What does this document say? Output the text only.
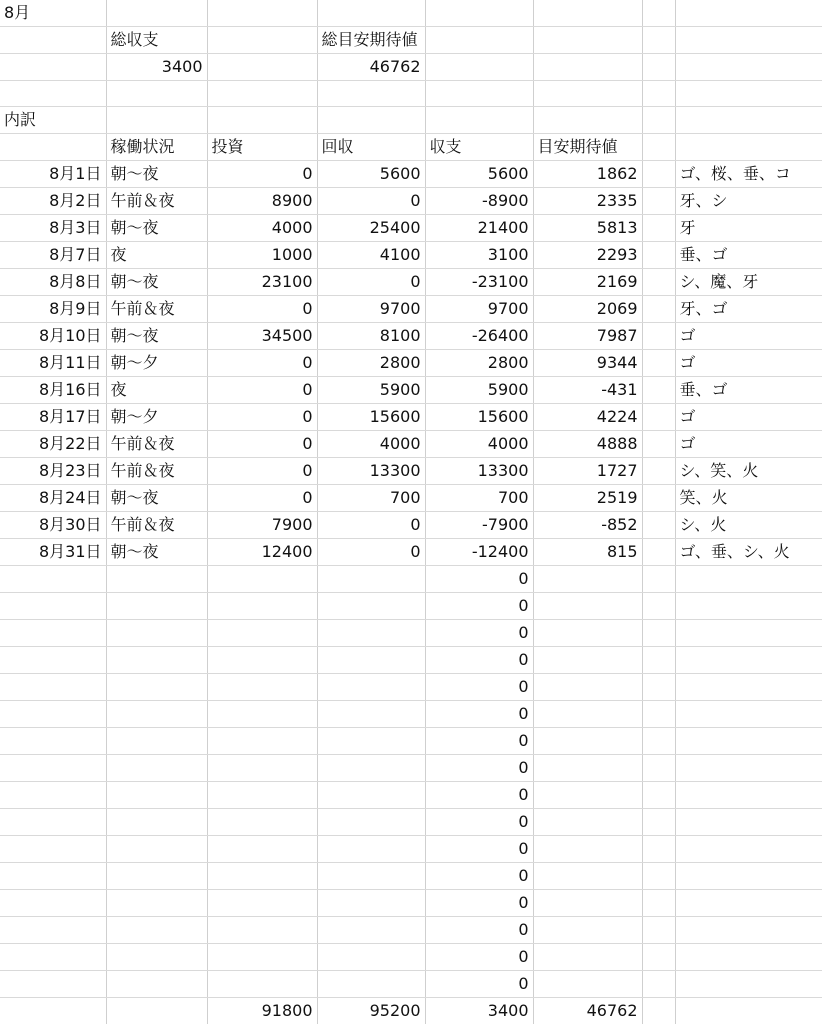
8月							
	総収支		総目安期待値				
	3400		46762				

内訳							
	稼働状況	投資	回収	収支	目安期待値		
8月1日	朝～夜	0	5600	5600	1862		ゴ、桜、垂、コ
8月2日	午前＆夜	8900	0	-8900	2335		牙、シ
8月3日	朝～夜	4000	25400	21400	5813		牙
8月7日	夜	1000	4100	3100	2293		垂、ゴ
8月8日	朝～夜	23100	0	-23100	2169		シ、魔、牙
8月9日	午前＆夜	0	9700	9700	2069		牙、ゴ
8月10日	朝～夜	34500	8100	-26400	7987		ゴ
8月11日	朝～夕	0	2800	2800	9344		ゴ
8月16日	夜	0	5900	5900	-431		垂、ゴ
8月17日	朝～夕	0	15600	15600	4224		ゴ
8月22日	午前＆夜	0	4000	4000	4888		ゴ
8月23日	午前＆夜	0	13300	13300	1727		シ、笑、火
8月24日	朝～夜	0	700	700	2519		笑、火
8月30日	午前＆夜	7900	0	-7900	-852		シ、火
8月31日	朝～夜	12400	0	-12400	815		ゴ、垂、シ、火
				0			
				0			
				0			
				0			
				0			
				0			
				0			
				0			
				0			
				0			
				0			
				0			
				0			
				0			
				0			
				0			
		91800	95200	3400	46762		
